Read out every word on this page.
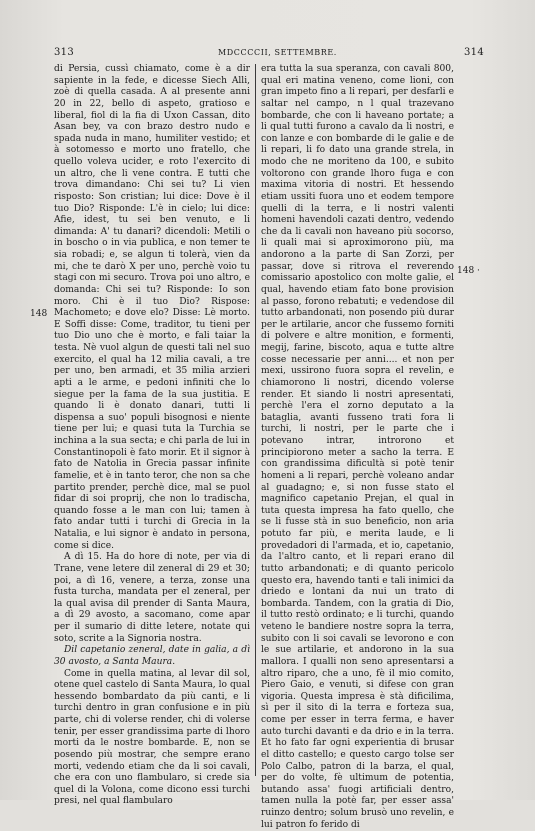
313	MDCCCCII, SETTEMBRE.	314
148
148 ·

di Persia, cussì chiamato, come è a dir sapiente in la fede, e dicesse Siech Alli, zoè di quella casada. A al presente anni 20 in 22, bello di aspeto, gratioso e liberal, fiol di la fia di Uxon Cassan, dito Asan bey, va con brazo destro nudo e spada nuda in mano, humiliter vestido; et à sotomesso e morto uno fratello, che quello voleva ucider, e roto l'exercito di un altro, che li vene contra. E tutti che trova dimandano: Chi sei tu? Li vien risposto: Son cristian; lui dice: Dove è il tuo Dio? Risponde: L'è in cielo; lui dice: Afie, idest, tu sei ben venuto, e li dimanda: A' tu danari? dicendoli: Metili o in boscho o in via publica, e non temer te sia robadi; e, se algun ti tolerà, vien da mi, che te darò X per uno, perchè voio tu stagi con mi securo. Trova poi uno altro, e domanda: Chi sei tu? Risponde: Io son moro. Chi è il tuo Dio? Rispose: Machometo; e dove elo? Disse: Lè morto. E Soffi disse: Come, traditor, tu tieni per tuo Dio uno che è morto, e fali taiar la testa. Nè vuol algun de questi tali nel suo exercito, el qual ha 12 milia cavali, a tre per uno, ben armadi, et 35 milia arzieri apti a le arme, e pedoni infiniti che lo siegue per la fama de la sua justitia. E quando li è donato danari, tutti li dispensa a suo' populi bisognosi e niente tiene per lui; e quasi tuta la Turchia se inchina a la sua secta; e chi parla de lui in Constantinopoli è fato morir. Et il signor à fato de Natolia in Grecia passar infinite famelie, et è in tanto teror, che non sa che partito prender, perchè dice, mal se puol fidar di soi proprij, che non lo tradischa, quando fosse a le man con lui; tamen à fato andar tutti i turchi di Grecia in la Natalia, e lui signor è andato in persona, come si dice.

A dì 15. Ha do hore di note, per via di Trane, vene letere dil zeneral di 29 et 30; poi, a dì 16, venere, a terza, zonse una fusta turcha, mandata per el zeneral, per la qual avisa dil prender di Santa Maura, a dì 29 avosto, a sacomano, come apar per il sumario di ditte letere, notate qui soto, scrite a la Signoria nostra.

Dil capetanio zeneral, date in galia, a dì 30 avosto, a Santa Maura.

Come in quella matina, al levar dil sol, otene quel castelo di Santa Maura, lo qual hessendo bombardato da più canti, e li turchi dentro in gran confusione e in più parte, chi di volerse render, chi di volerse tenir, per esser grandissima parte di lhoro morti da le nostre bombarde. E, non se posendo più mostrar, che sempre erano morti, vedendo etiam che da li soi cavali, che era con uno flambularo, si crede sia quel di la Volona, come dicono essi turchi presi, nel qual flambularo

era tutta la sua speranza, con cavali 800, qual eri matina veneno, come lioni, con gran impeto fino a li repari, per desfarli e saltar nel campo, n l qual trazevano bombarde, che con li haveano portate; a li qual tutti furono a cavalo da li nostri, e con lanze e con bombarde di le galie e de li repari, li fo dato una grande strela, in modo che ne moriteno da 100, e subito voltorono con grande lhoro fuga e con maxima vitoria di nostri. Et hessendo etiam ussiti fuora uno et eodem tempore quelli di la terra, e li nostri valenti homeni havendoli cazati dentro, vedendo che da li cavali non haveano più socorso, li quali mai si aproximorono più, ma andorono a la parte di San Zorzi, per passar, dove si ritrova el reverendo comissario apostolico con molte galie, el qual, havendo etiam fato bone provision al passo, forono rebatuti; e vedendose dil tutto arbandonati, non posendo più durar per le artilarie, ancor che fussemo forniti di polvere e altre monition, e formenti, megij, farine, biscoto, aqua e tutte altre cosse necessarie per anni.... et non per mexi, ussirono fuora sopra el revelin, e chiamorono li nostri, dicendo volerse render. Et siando li nostri apresentati, perchè l'era el zorno deputato a la bataglia, avanti fusseno trati fora li turchi, li nostri, per le parte che i potevano intrar, introrono et principiorono meter a sacho la terra. E con grandissima dificultà si potè tenir homeni a li repari, perchè voleano andar al guadagno; e, si non fusse stato el magnifico capetanio Prejan, el qual in tuta questa impresa ha fato quello, che se li fusse stà in suo beneficio, non aria potuto far più, e merita laude, e li provedadori di l'armada, et io, capetanio, da l'altro canto, et li repari erano dil tutto arbandonati; e di quanto pericolo questo era, havendo tanti e tali inimici da driedo e lontani da nui un trato di bombarda. Tandem, con la gratia di Dio, il tutto restò ordinato; e li turchi, quando veteno le bandiere nostre sopra la terra, subito con li soi cavali se levorono e con le sue artilarie, et andorono in la sua mallora. I qualli non seno apresentarsi a altro riparo, che a uno, fè il mio comito, Piero Gaio, e venuti, si difese con gran vigoria. Questa impresa è stà dificilima, sì per il sito di la terra e forteza sua, come per esser in terra ferma, e haver auto turchi davanti e da drio e in la terra. Et ho fato far ogni experientia di brusar el ditto castello; e questo cargo tolse ser Polo Calbo, patron di la barza, el qual, per do volte, fè ultimum de potentia, butando assa' fuogi artificiali dentro, tamen nulla la potè far, per esser assa' ruinzo dentro; solum brusò uno revelin, e lui patron fo ferido di
